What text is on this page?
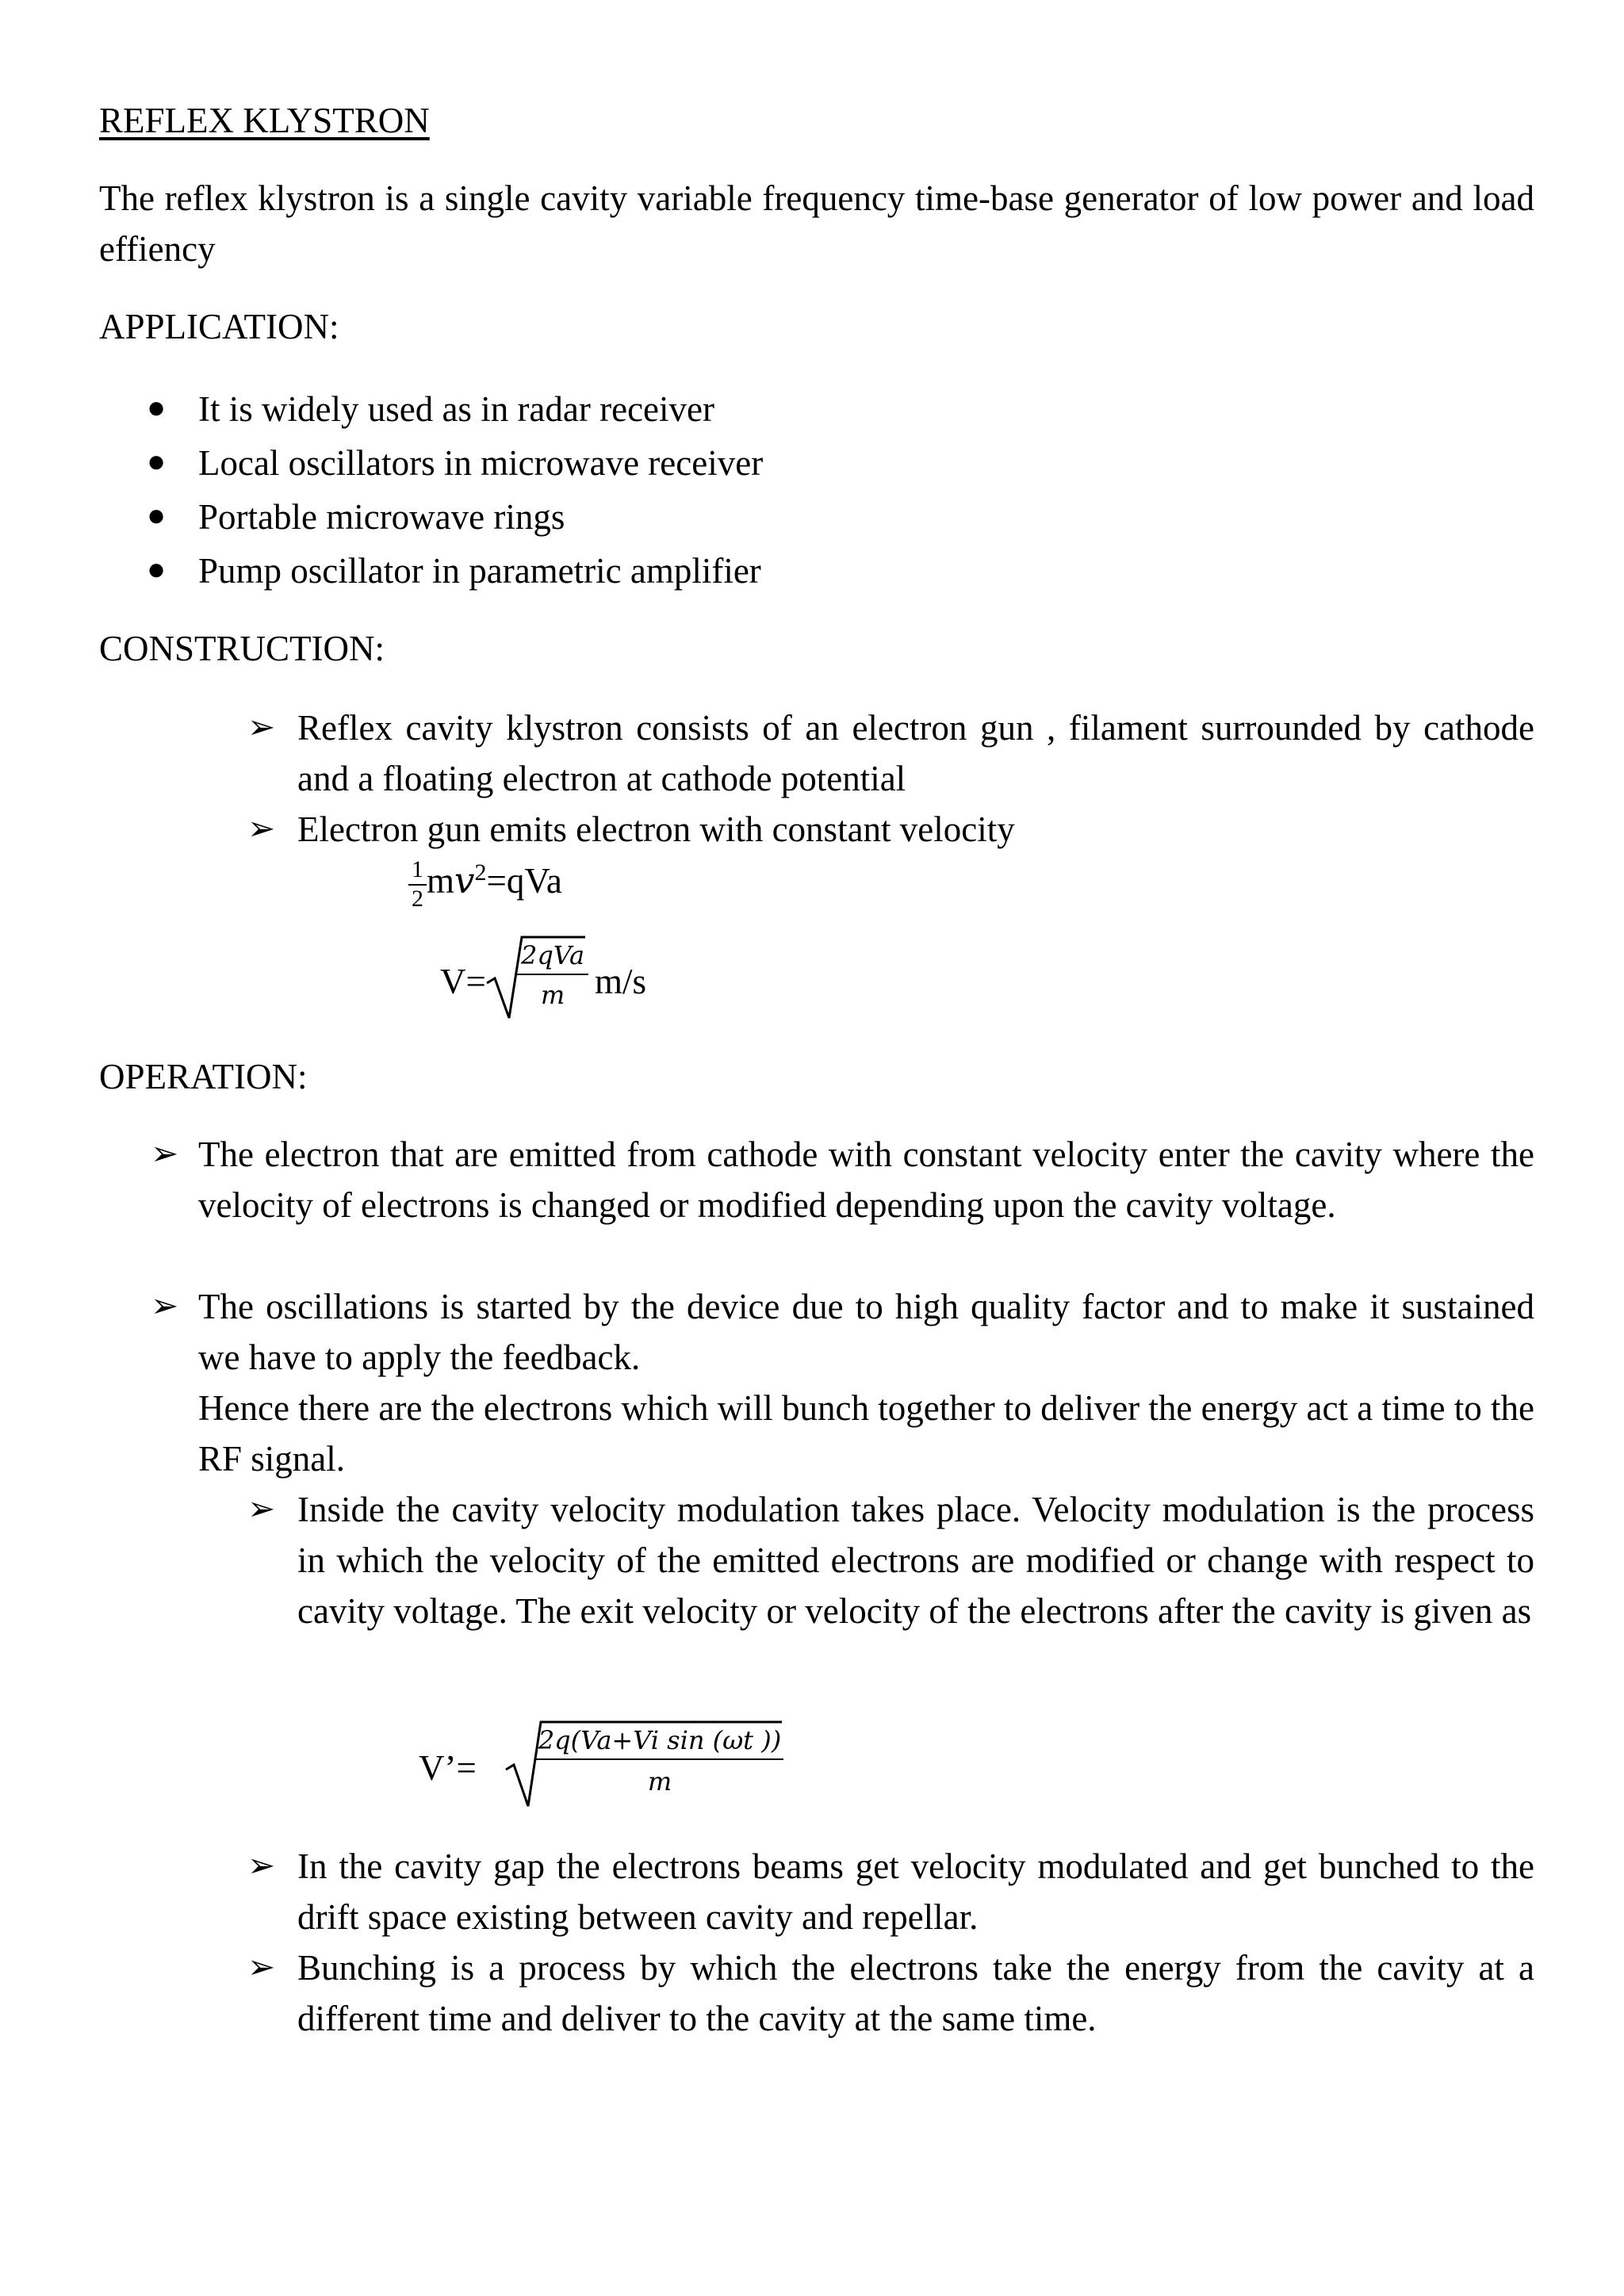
REFLEX KLYSTRON
The reflex klystron is a single cavity variable frequency time-base generator of low power and load effiency
APPLICATION:
● It is widely used as in radar receiver
● Local oscillators in microwave receiver
● Portable microwave rings
● Pump oscillator in parametric amplifier
CONSTRUCTION:
➢ Reflex cavity klystron consists of an electron gun , filament surrounded by cathode and a floating electron at cathode potential
➢ Electron gun emits electron with constant velocity
$\frac{1}{2} mv^2=qVa$
V=
2qVa
m m/s
OPERATION:
➢ The electron that are emitted from cathode with constant velocity enter the cavity where the velocity of electrons is changed or modified depending upon the cavity voltage.
➢ The oscillations is started by the device due to high quality factor and to make it sustained we have to apply the feedback.
Hence there are the electrons which will bunch together to deliver the energy act a time to the RF signal.
➢ Inside the cavity velocity modulation takes place. Velocity modulation is the process in which the velocity of the emitted electrons are modified or change with respect to cavity voltage. The exit velocity or velocity of the electrons after the cavity is given as
V’=
2q(Va+Vi sin (ωt ))
m
➢ In the cavity gap the electrons beams get velocity modulated and get bunched to the drift space existing between cavity and repellar.
➢ Bunching is a process by which the electrons take the energy from the cavity at a different time and deliver to the cavity at the same time.
